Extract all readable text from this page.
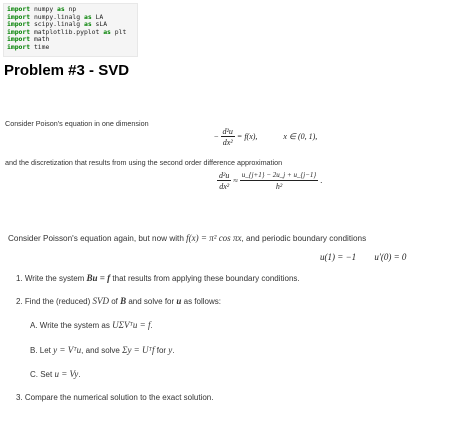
import numpy as np
import numpy.linalg as LA
import scipy.linalg as sLA
import matplotlib.pyplot as plt
import math
import time
Problem #3 - SVD
Consider Poison's equation in one dimension
− $\frac{\text{d²u}}{\text{dx²}} = f(x)$,	x ∈ (0, 1),
and the discretization that results from using the second order difference approximation
$\frac{\text{d²u}}{\text{dx²}} \approx \frac{u\_\{j+1\} - 2u\_j + u\_\{j-1\}}{\text{h²}}$ .
Consider Poisson's equation again, but now with f(x) = π² cos πx, and periodic boundary conditions
u(1) = −1 u′(0) = 0
1. Write the system Bu = f that results from applying these boundary conditions.
2. Find the (reduced) SVD of B and solve for u as follows:
A. Write the system as UΣVᵀu = f.
B. Let y = Vᵀu, and solve Σy = Uᵀf for y.
C. Set u = Vy.
3. Compare the numerical solution to the exact solution.
